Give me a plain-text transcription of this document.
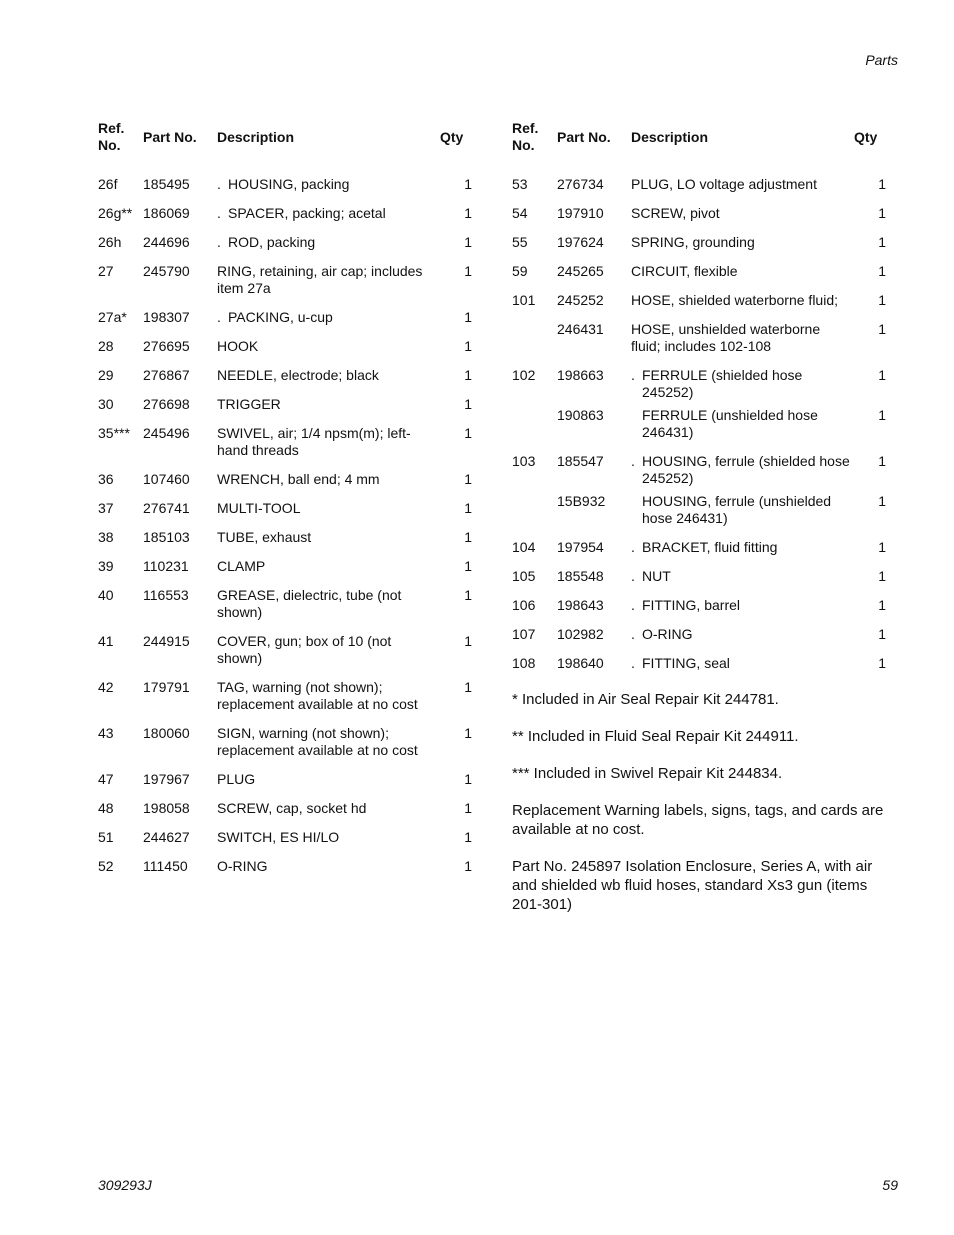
Parts
Ref.
No.	Part No.	Description	Qty
26f	185495	. HOUSING, packing	1
26g**	186069	. SPACER, packing; acetal	1
26h	244696	. ROD, packing	1
27	245790	RING, retaining, air cap; includes item 27a	1
27a*	198307	. PACKING, u-cup	1
28	276695	HOOK	1
29	276867	NEEDLE, electrode; black	1
30	276698	TRIGGER	1
35***	245496	SWIVEL, air; 1/4 npsm(m); left-hand threads	1
36	107460	WRENCH, ball end; 4 mm	1
37	276741	MULTI-TOOL	1
38	185103	TUBE, exhaust	1
39	110231	CLAMP	1
40	116553	GREASE, dielectric, tube (not shown)	1
41	244915	COVER, gun; box of 10 (not shown)	1
42	179791	TAG, warning (not shown); replacement available at no cost	1
43	180060	SIGN, warning (not shown); replacement available at no cost	1
47	197967	PLUG	1
48	198058	SCREW, cap, socket hd	1
51	244627	SWITCH, ES HI/LO	1
52	111450	O-RING	1
Ref.
No.	Part No.	Description	Qty
53	276734	PLUG, LO voltage adjustment	1
54	197910	SCREW, pivot	1
55	197624	SPRING, grounding	1
59	245265	CIRCUIT, flexible	1
101	245252	HOSE, shielded waterborne fluid;	1
	246431	HOSE, unshielded waterborne fluid; includes 102-108	1
102	198663	. FERRULE (shielded hose 245252)	1
	190863	FERRULE (unshielded hose 246431)	1
103	185547	. HOUSING, ferrule (shielded hose 245252)	1
	15B932	HOUSING, ferrule (unshielded hose 246431)	1
104	197954	. BRACKET, fluid fitting	1
105	185548	. NUT	1
106	198643	. FITTING, barrel	1
107	102982	. O-RING	1
108	198640	. FITTING, seal	1

* Included in Air Seal Repair Kit 244781.

** Included in Fluid Seal Repair Kit 244911.

*** Included in Swivel Repair Kit 244834.

Replacement Warning labels, signs, tags, and cards are available at no cost.

Part No. 245897 Isolation Enclosure, Series A, with air and shielded wb fluid hoses, standard Xs3 gun (items 201-301)

309293J	59
